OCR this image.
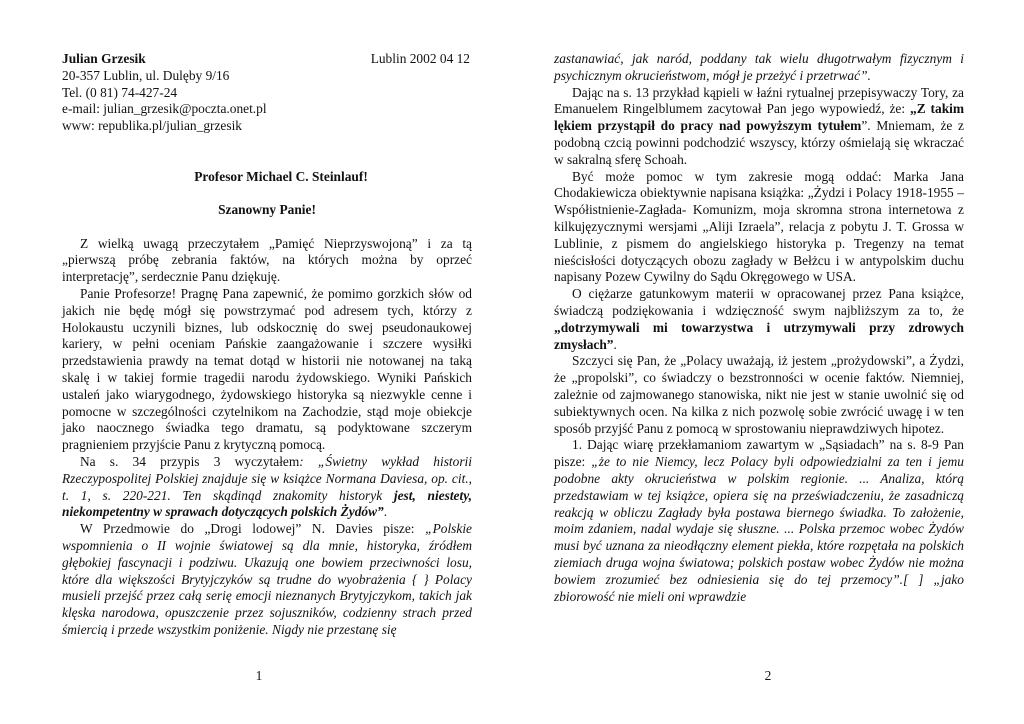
Julian Grzesik	Lublin 2002 04 12
20-357 Lublin, ul. Dulęby 9/16
Tel. (0 81) 74-427-24
e-mail: julian_grzesik@poczta.onet.pl
www: republika.pl/julian_grzesik
Profesor Michael C. Steinlauf!
Szanowny Panie!

Z wielką uwagą przeczytałem „Pamięć Nieprzyswojoną” i za tą „pierwszą próbę zebrania faktów, na których można by oprzeć interpretację”, serdecznie Panu dziękuję.

Panie Profesorze! Pragnę Pana zapewnić, że pomimo gorzkich słów od jakich nie będę mógł się powstrzymać pod adresem tych, którzy z Holokaustu uczynili biznes, lub odskocznię do swej pseudonaukowej kariery, w pełni oceniam Pańskie zaangażowanie i szczere wysiłki przedstawienia prawdy na temat dotąd w historii nie notowanej na taką skalę i w takiej formie tragedii narodu żydowskiego. Wyniki Pańskich ustaleń jako wiarygodnego, żydowskiego historyka są niezwykle cenne i pomocne w szczególności czytelnikom na Zachodzie, stąd moje obiekcje jako naocznego świadka tego dramatu, są podyktowane szczerym pragnieniem przyjście Panu z krytyczną pomocą.

Na s. 34 przypis 3 wyczytałem: „Świetny wykład historii Rzeczypospolitej Polskiej znajduje się w książce Normana Daviesa, op. cit., t. 1, s. 220-221. Ten skądinąd znakomity historyk jest, niestety, niekompetentny w sprawach dotyczących polskich Żydów”.

W Przedmowie do „Drogi lodowej” N. Davies pisze: „Polskie wspomnienia o II wojnie światowej są dla mnie, historyka, źródłem głębokiej fascynacji i podziwu. Ukazują one bowiem przeciwności losu, które dla większości Brytyjczyków są trudne do wyobrażenia { } Polacy musieli przejść przez całą serię emocji nieznanych Brytyjczykom, takich jak klęska narodowa, opuszczenie przez sojuszników, codzienny strach przed śmiercią i przede wszystkim poniżenie. Nigdy nie przestanę się

1

zastanawiać, jak naród, poddany tak wielu długotrwałym fizycznym i psychicznym okrucieństwom, mógł je przeżyć i przetrwać”.

Dając na s. 13 przykład kąpieli w łaźni rytualnej przepisywaczy Tory, za Emanuelem Ringelblumem zacytował Pan jego wypowiedź, że: „Z takim lękiem przystąpił do pracy nad powyższym tytułem”. Mniemam, że z podobną czcią powinni podchodzić wszyscy, którzy ośmielają się wkraczać w sakralną sferę Schoah.

Być może pomoc w tym zakresie mogą oddać: Marka Jana Chodakiewicza obiektywnie napisana książka: „Żydzi i Polacy 1918-1955 – Współistnienie-Zagłada- Komunizm, moja skromna strona internetowa z kilkujęzycznymi wersjami „Aliji Izraela”, relacja z pobytu J. T. Grossa w Lublinie, z pismem do angielskiego historyka p. Tregenzy na temat nieścisłości dotyczących obozu zagłady w Bełżcu i w antypolskim duchu napisany Pozew Cywilny do Sądu Okręgowego w USA.

O ciężarze gatunkowym materii w opracowanej przez Pana książce, świadczą podziękowania i wdzięczność swym najbliższym za to, że „dotrzymywali mi towarzystwa i utrzymywali przy zdrowych zmysłach”.

Szczyci się Pan, że „Polacy uważają, iż jestem „prożydowski”, a Żydzi, że „propolski”, co świadczy o bezstronności w ocenie faktów. Niemniej, zależnie od zajmowanego stanowiska, nikt nie jest w stanie uwolnić się od subiektywnych ocen. Na kilka z nich pozwolę sobie zwrócić uwagę i w ten sposób przyjść Panu z pomocą w sprostowaniu nieprawdziwych hipotez.

1. Dając wiarę przekłamaniom zawartym w „Sąsiadach” na s. 8-9 Pan pisze: „że to nie Niemcy, lecz Polacy byli odpowiedzialni za ten i jemu podobne akty okrucieństwa w polskim regionie. ... Analiza, którą przedstawiam w tej książce, opiera się na przeświadczeniu, że zasadniczą reakcją w obliczu Zagłady była postawa biernego świadka. To założenie, moim zdaniem, nadal wydaje się słuszne. ... Polska przemoc wobec Żydów musi być uznana za nieodłączny element piekła, które rozpętała na polskich ziemiach druga wojna światowa; polskich postaw wobec Żydów nie można bowiem zrozumieć bez odniesienia się do tej przemocy”.[ ] „jako zbiorowość nie mieli oni wprawdzie

2
